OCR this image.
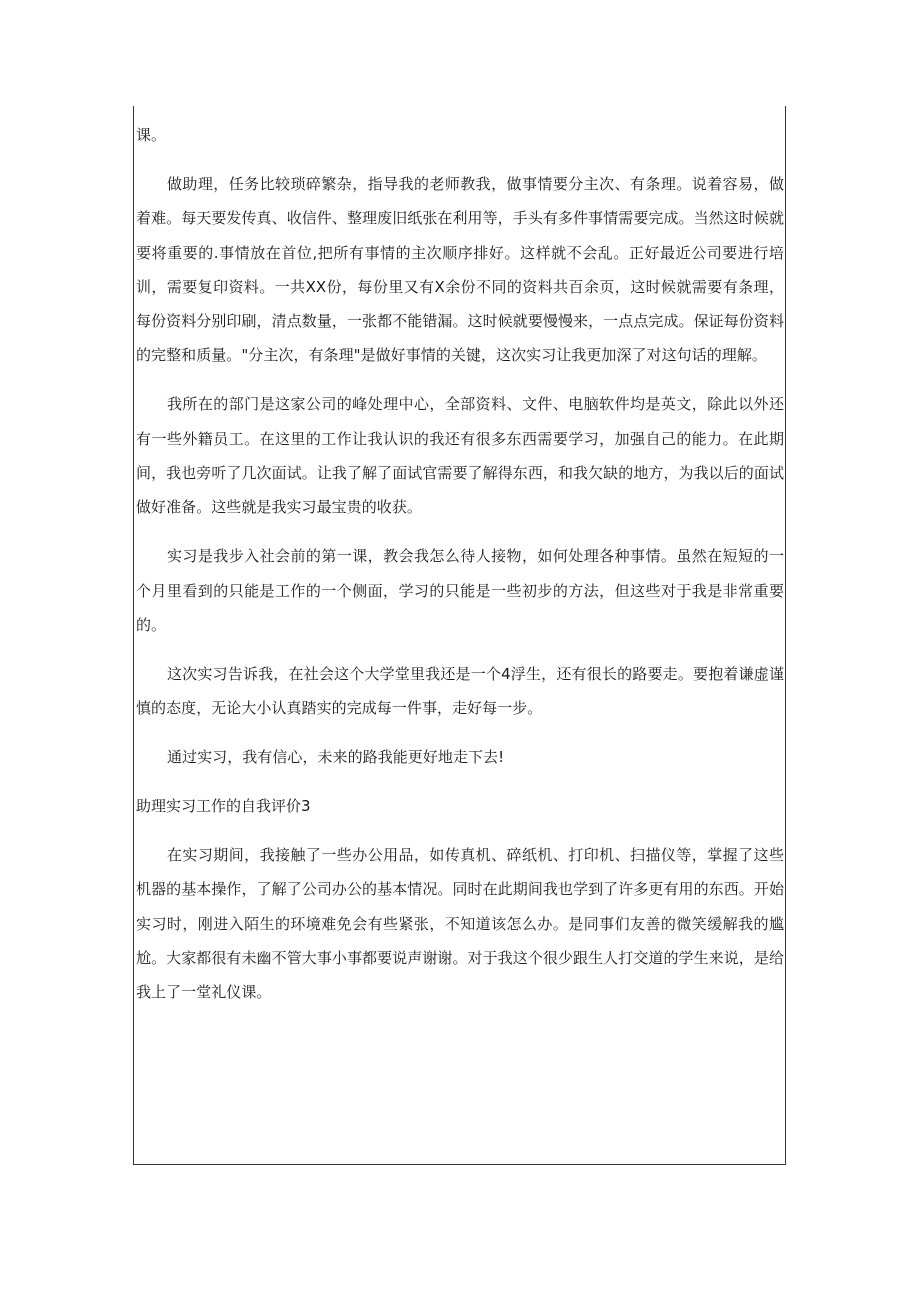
课。

做助理，任务比较琐碎繁杂，指导我的老师教我，做事情要分主次、有条理。说着容易，做着难。每天要发传真、收信件、整理废旧纸张在利用等，手头有多件事情需要完成。当然这时候就要将重要的.事情放在首位,把所有事情的主次顺序排好。这样就不会乱。正好最近公司要进行培训，需要复印资料。一共XX份，每份里又有X余份不同的资料共百余页，这时候就需要有条理，每份资料分别印刷，清点数量，一张都不能错漏。这时候就要慢慢来，一点点完成。保证每份资料的完整和质量。"分主次，有条理"是做好事情的关键，这次实习让我更加深了对这句话的理解。

我所在的部门是这家公司的峰处理中心，全部资料、文件、电脑软件均是英文，除此以外还有一些外籍员工。在这里的工作让我认识的我还有很多东西需要学习，加强自己的能力。在此期间，我也旁听了几次面试。让我了解了面试官需要了解得东西，和我欠缺的地方，为我以后的面试做好准备。这些就是我实习最宝贵的收获。

实习是我步入社会前的第一课，教会我怎么待人接物，如何处理各种事情。虽然在短短的一个月里看到的只能是工作的一个侧面，学习的只能是一些初步的方法，但这些对于我是非常重要的。

这次实习告诉我，在社会这个大学堂里我还是一个4浮生，还有很长的路要走。要抱着谦虚谨慎的态度，无论大小认真踏实的完成每一件事，走好每一步。

通过实习，我有信心，未来的路我能更好地走下去!

助理实习工作的自我评价3

在实习期间，我接触了一些办公用品，如传真机、碎纸机、打印机、扫描仪等，掌握了这些机器的基本操作，了解了公司办公的基本情况。同时在此期间我也学到了许多更有用的东西。开始实习时，刚进入陌生的环境难免会有些紧张，不知道该怎么办。是同事们友善的微笑缓解我的尴尬。大家都很有未幽不管大事小事都要说声谢谢。对于我这个很少跟生人打交道的学生来说，是给我上了一堂礼仪课。
